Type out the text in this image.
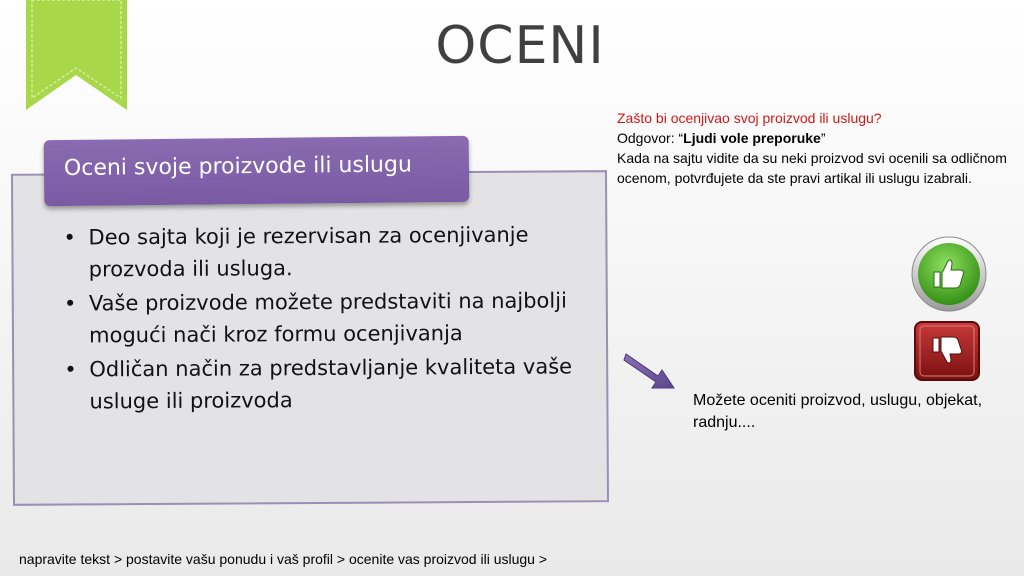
OCENI
Oceni svoje proizvode ili uslugu
• Deo sajta koji je rezervisan za ocenjivanje prozvoda ili usluga.
• Vaše proizvode možete predstaviti na najbolji mogući nači kroz formu ocenjivanja
• Odličan način za predstavljanje kvaliteta vaše usluge ili proizvoda
Zašto bi ocenjivao svoj proizvod ili uslugu?
Odgovor: “Ljudi vole preporuke”
Kada na sajtu vidite da su neki proizvod svi ocenili sa odličnom ocenom, potvrđujete da ste pravi artikal ili uslugu izabrali.
Možete oceniti proizvod, uslugu, objekat, radnju....
napravite tekst > postavite vašu ponudu i vaš profil > ocenite vas proizvod ili uslugu >
